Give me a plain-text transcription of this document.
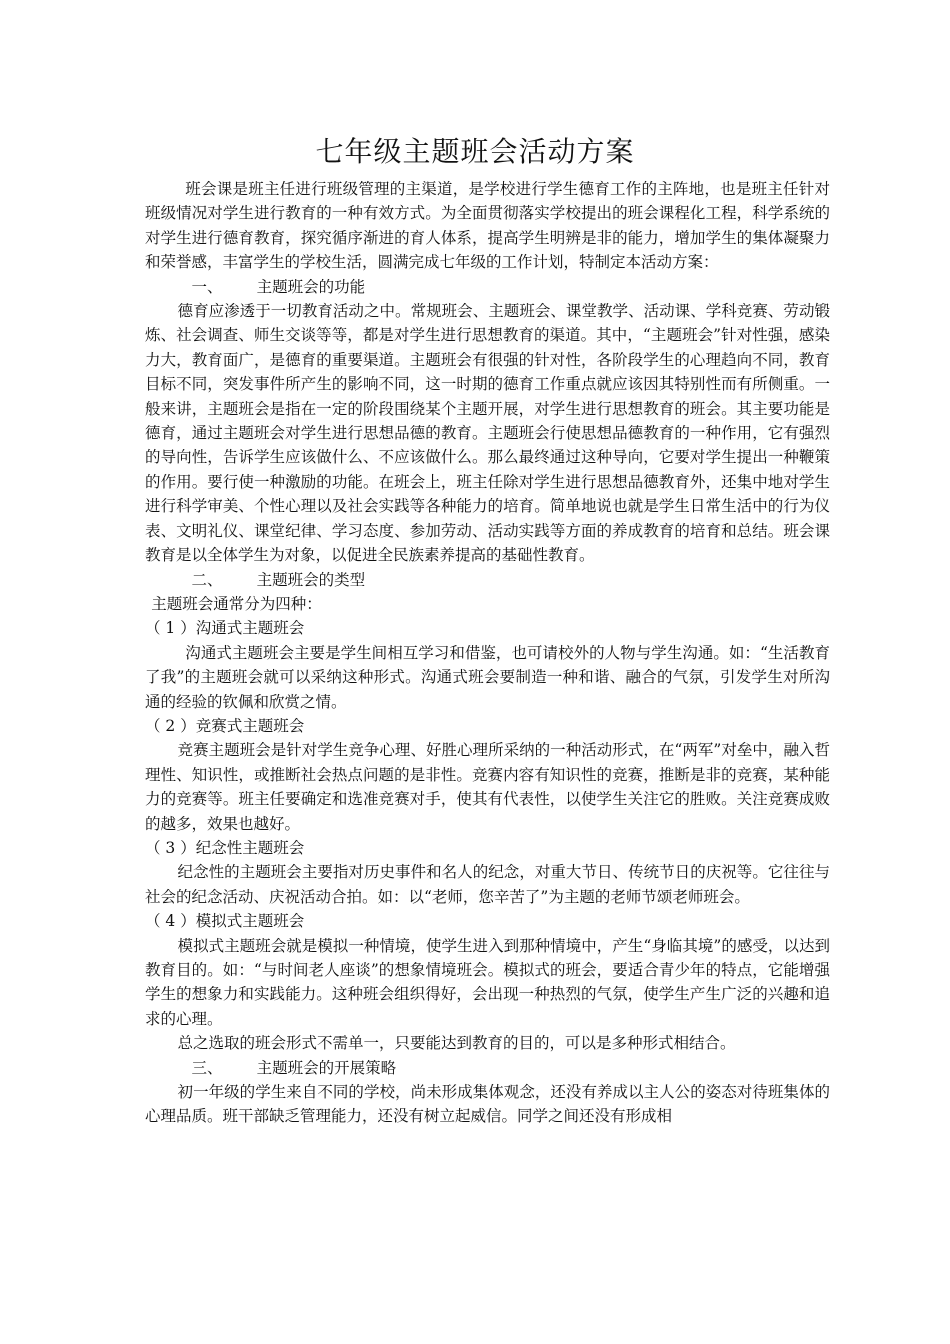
七年级主题班会活动方案

班会课是班主任进行班级管理的主渠道，是学校进行学生德育工作的主阵地，也是班主任针对班级情况对学生进行教育的一种有效方式。为全面贯彻落实学校提出的班会课程化工程，科学系统的对学生进行德育教育，探究循序渐进的育人体系，提高学生明辨是非的能力，增加学生的集体凝聚力和荣誉感，丰富学生的学校生活，圆满完成七年级的工作计划，特制定本活动方案：

一、 主题班会的功能

德育应渗透于一切教育活动之中。常规班会、主题班会、课堂教学、活动课、学科竞赛、劳动锻炼、社会调查、师生交谈等等，都是对学生进行思想教育的渠道。其中，“主题班会”针对性强，感染力大，教育面广，是德育的重要渠道。主题班会有很强的针对性，各阶段学生的心理趋向不同，教育目标不同，突发事件所产生的影响不同，这一时期的德育工作重点就应该因其特别性而有所侧重。一般来讲，主题班会是指在一定的阶段围绕某个主题开展，对学生进行思想教育的班会。其主要功能是德育，通过主题班会对学生进行思想品德的教育。主题班会行使思想品德教育的一种作用，它有强烈的导向性，告诉学生应该做什么、不应该做什么。那么最终通过这种导向，它要对学生提出一种鞭策的作用。要行使一种激励的功能。在班会上，班主任除对学生进行思想品德教育外，还集中地对学生进行科学审美、个性心理以及社会实践等各种能力的培育。简单地说也就是学生日常生活中的行为仪表、文明礼仪、课堂纪律、学习态度、参加劳动、活动实践等方面的养成教育的培育和总结。班会课教育是以全体学生为对象，以促进全民族素养提高的基础性教育。

二、 主题班会的类型

主题班会通常分为四种：

（ 1 ）沟通式主题班会

沟通式主题班会主要是学生间相互学习和借鉴，也可请校外的人物与学生沟通。如：“生活教育了我”的主题班会就可以采纳这种形式。沟通式班会要制造一种和谐、融合的气氛，引发学生对所沟通的经验的钦佩和欣赏之情。

（ 2 ）竞赛式主题班会

竞赛主题班会是针对学生竞争心理、好胜心理所采纳的一种活动形式，在“两军”对垒中，融入哲理性、知识性，或推断社会热点问题的是非性。竞赛内容有知识性的竞赛，推断是非的竞赛，某种能力的竞赛等。班主任要确定和选准竞赛对手，使其有代表性，以使学生关注它的胜败。关注竞赛成败的越多，效果也越好。

（ 3 ）纪念性主题班会

纪念性的主题班会主要指对历史事件和名人的纪念，对重大节日、传统节日的庆祝等。它往往与社会的纪念活动、庆祝活动合拍。如：以“老师，您辛苦了”为主题的老师节颂老师班会。

（ 4 ）模拟式主题班会

模拟式主题班会就是模拟一种情境，使学生进入到那种情境中，产生“身临其境”的感受，以达到教育目的。如：“与时间老人座谈”的想象情境班会。模拟式的班会，要适合青少年的特点，它能增强学生的想象力和实践能力。这种班会组织得好，会出现一种热烈的气氛，使学生产生广泛的兴趣和追求的心理。

总之选取的班会形式不需单一，只要能达到教育的目的，可以是多种形式相结合。

三、 主题班会的开展策略

初一年级的学生来自不同的学校，尚未形成集体观念，还没有养成以主人公的姿态对待班集体的心理品质。班干部缺乏管理能力，还没有树立起威信。同学之间还没有形成相
